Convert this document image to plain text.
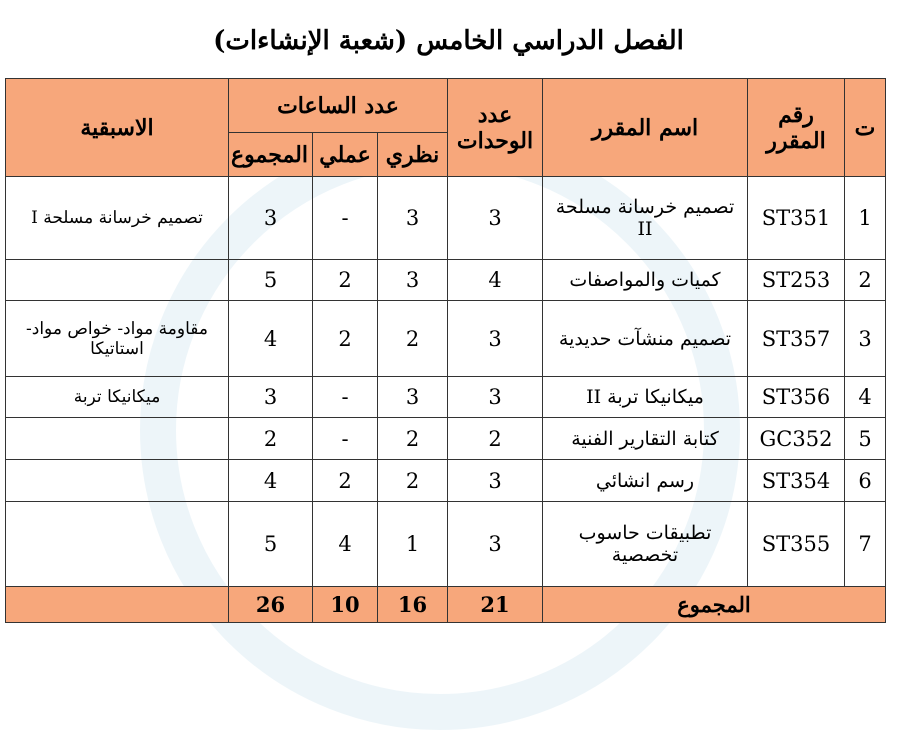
الفصل الدراسي الخامس (شعبة الإنشاءات)
ت	رقم المقرر	اسم المقرر	عدد الوحدات	عدد الساعات			الاسبقية
				نظري	عملي	المجموع	
1	ST351	تصميم خرسانة مسلحة II	3	3	-	3	تصميم خرسانة مسلحة I
2	ST253	كميات والمواصفات	4	3	2	5	
3	ST357	تصميم منشآت حديدية	3	2	2	4	مقاومة مواد- خواص مواد- استاتيكا
4	ST356	ميكانيكا تربة II	3	3	-	3	ميكانيكا تربة
5	GC352	كتابة التقارير الفنية	2	2	-	2	
6	ST354	رسم انشائي	3	2	2	4	
7	ST355	تطبيقات حاسوب تخصصية	3	1	4	5	
المجموع			21	16	10	26	
